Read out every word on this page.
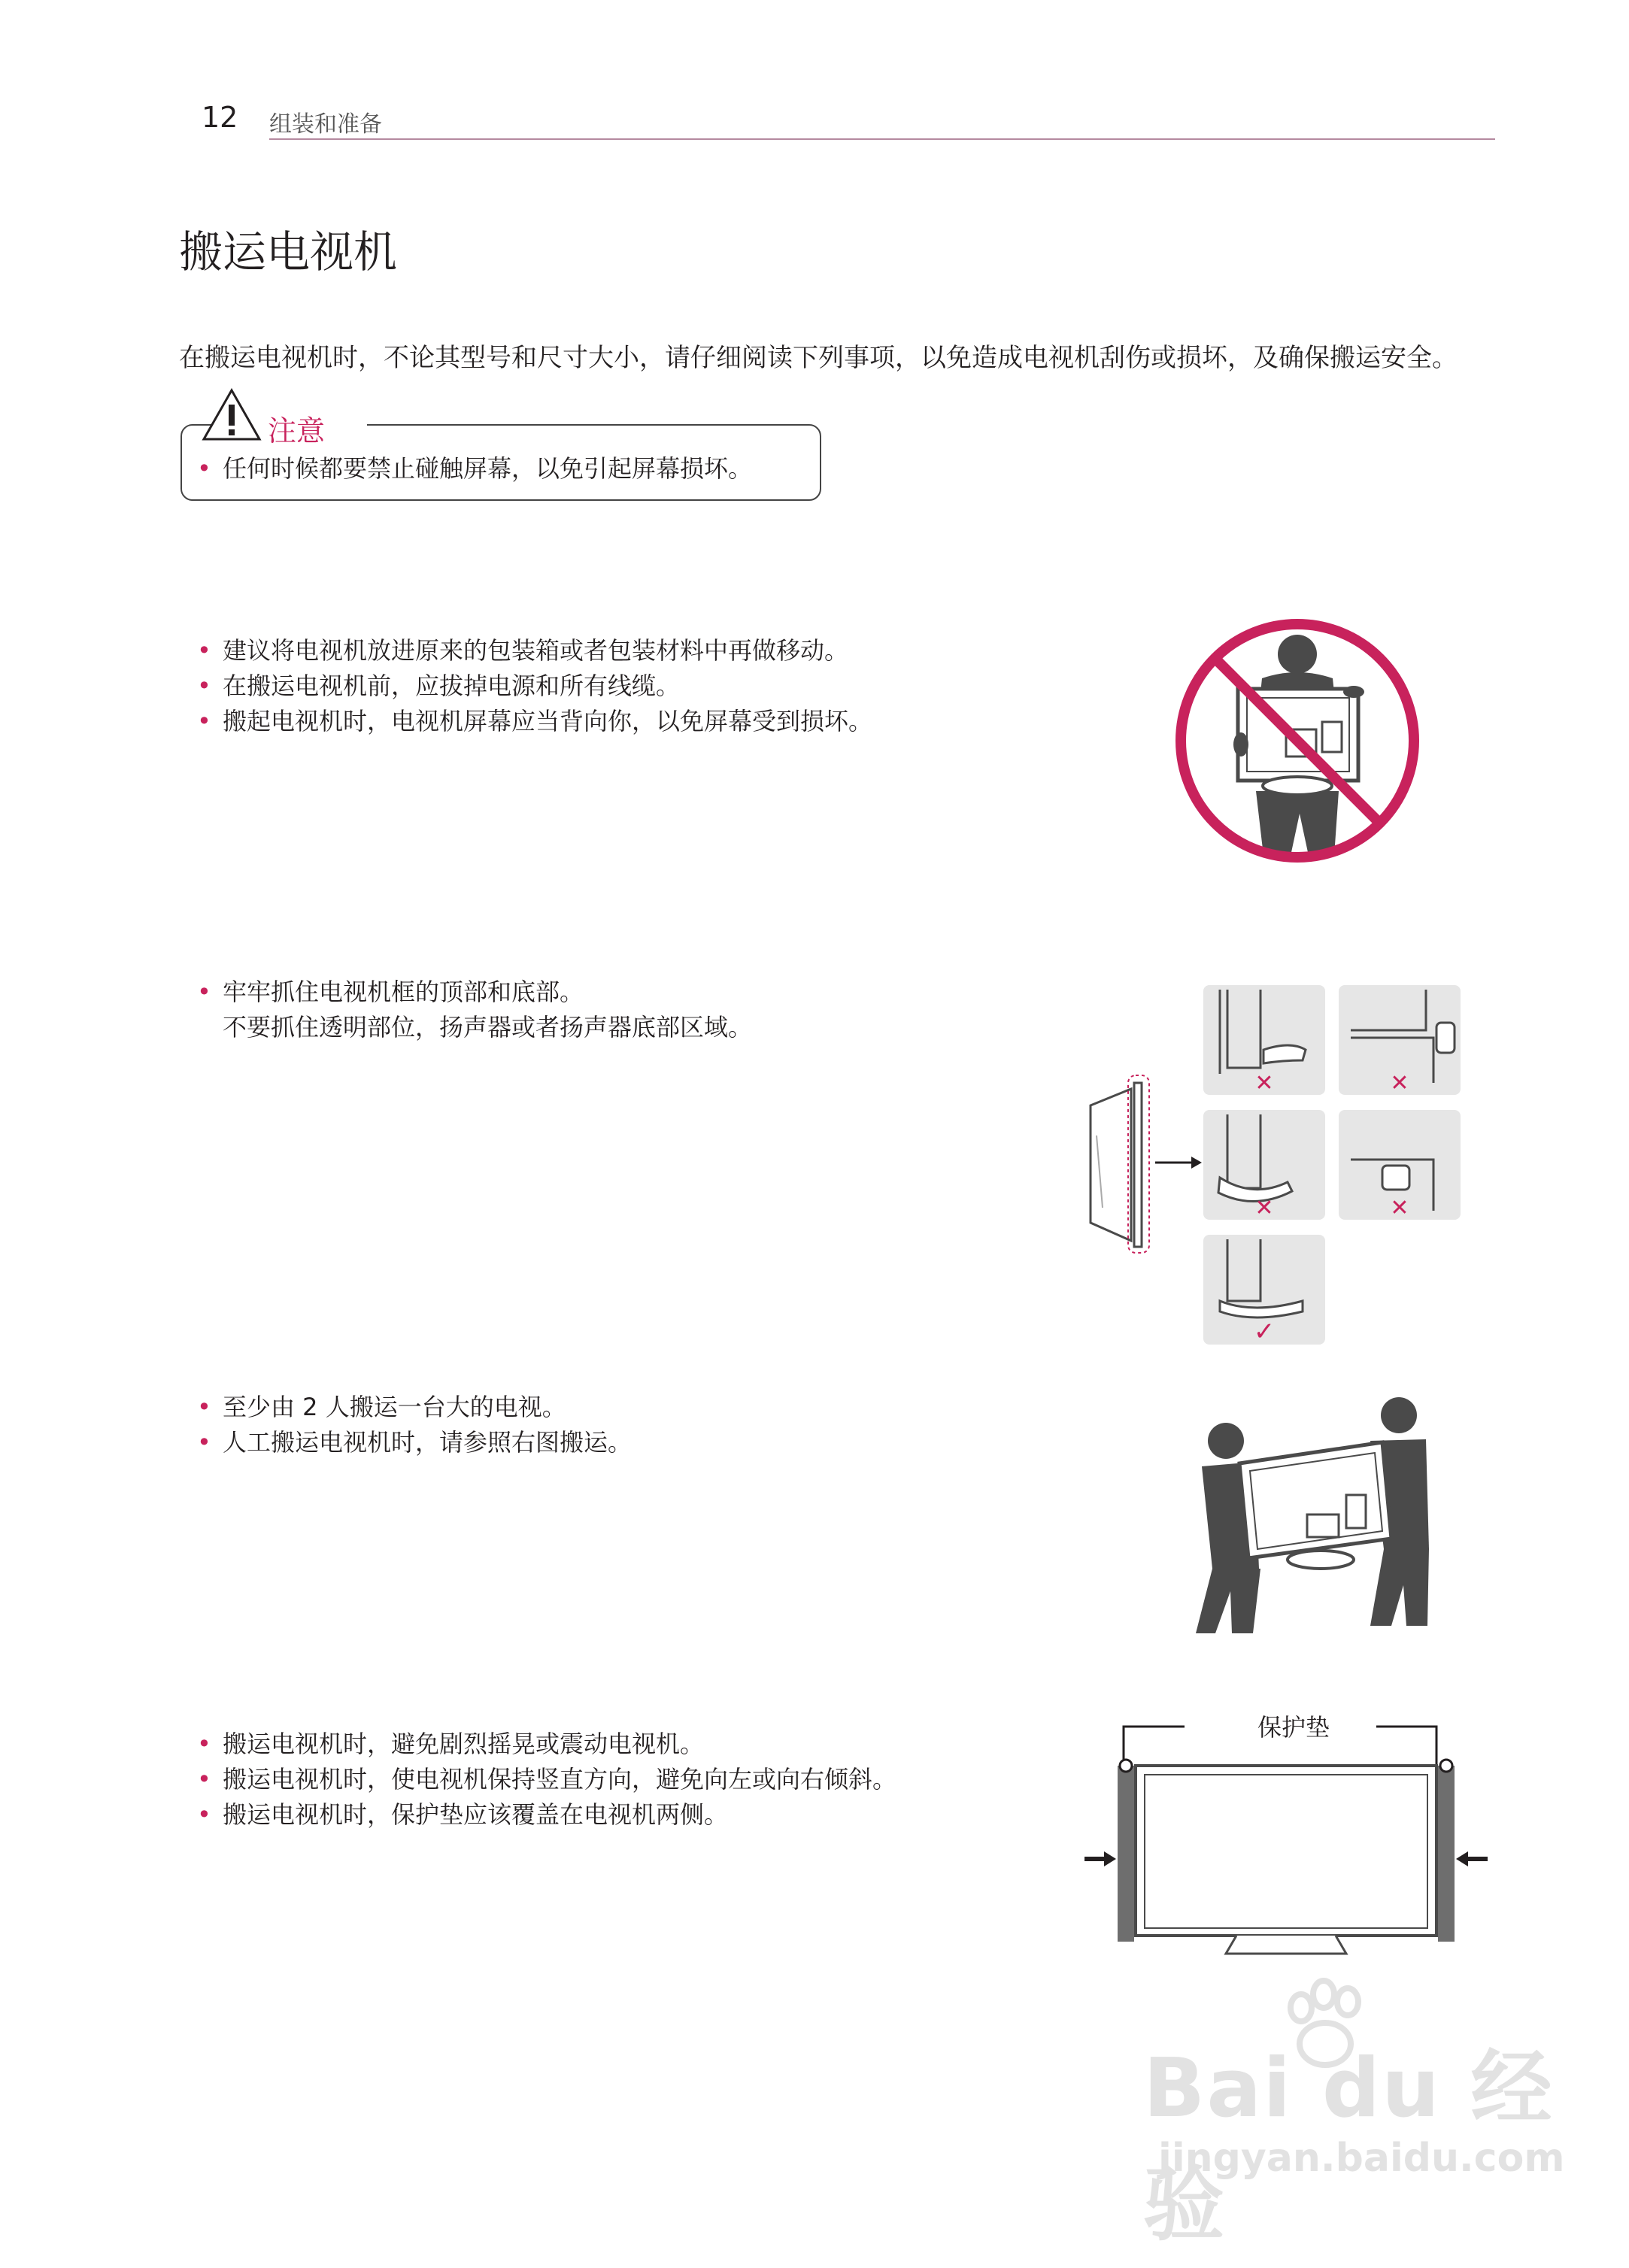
12 组装和准备
搬运电视机
在搬运电视机时，不论其型号和尺寸大小，请仔细阅读下列事项，以免造成电视机刮伤或损坏，及确保搬运安全。
注意
• 任何时候都要禁止碰触屏幕，以免引起屏幕损坏。
• 建议将电视机放进原来的包装箱或者包装材料中再做移动。
• 在搬运电视机前，应拔掉电源和所有线缆。
• 搬起电视机时，电视机屏幕应当背向你，以免屏幕受到损坏。
• 牢牢抓住电视机框的顶部和底部。
不要抓住透明部位，扬声器或者扬声器底部区域。
✕	✕
✕	✕
✓
• 至少由 2 人搬运一台大的电视。
• 人工搬运电视机时，请参照右图搬运。
• 搬运电视机时，避免剧烈摇晃或震动电视机。
• 搬运电视机时，使电视机保持竖直方向，避免向左或向右倾斜。
• 搬运电视机时，保护垫应该覆盖在电视机两侧。
保护垫
Bai du 经验
jingyan.baidu.com
